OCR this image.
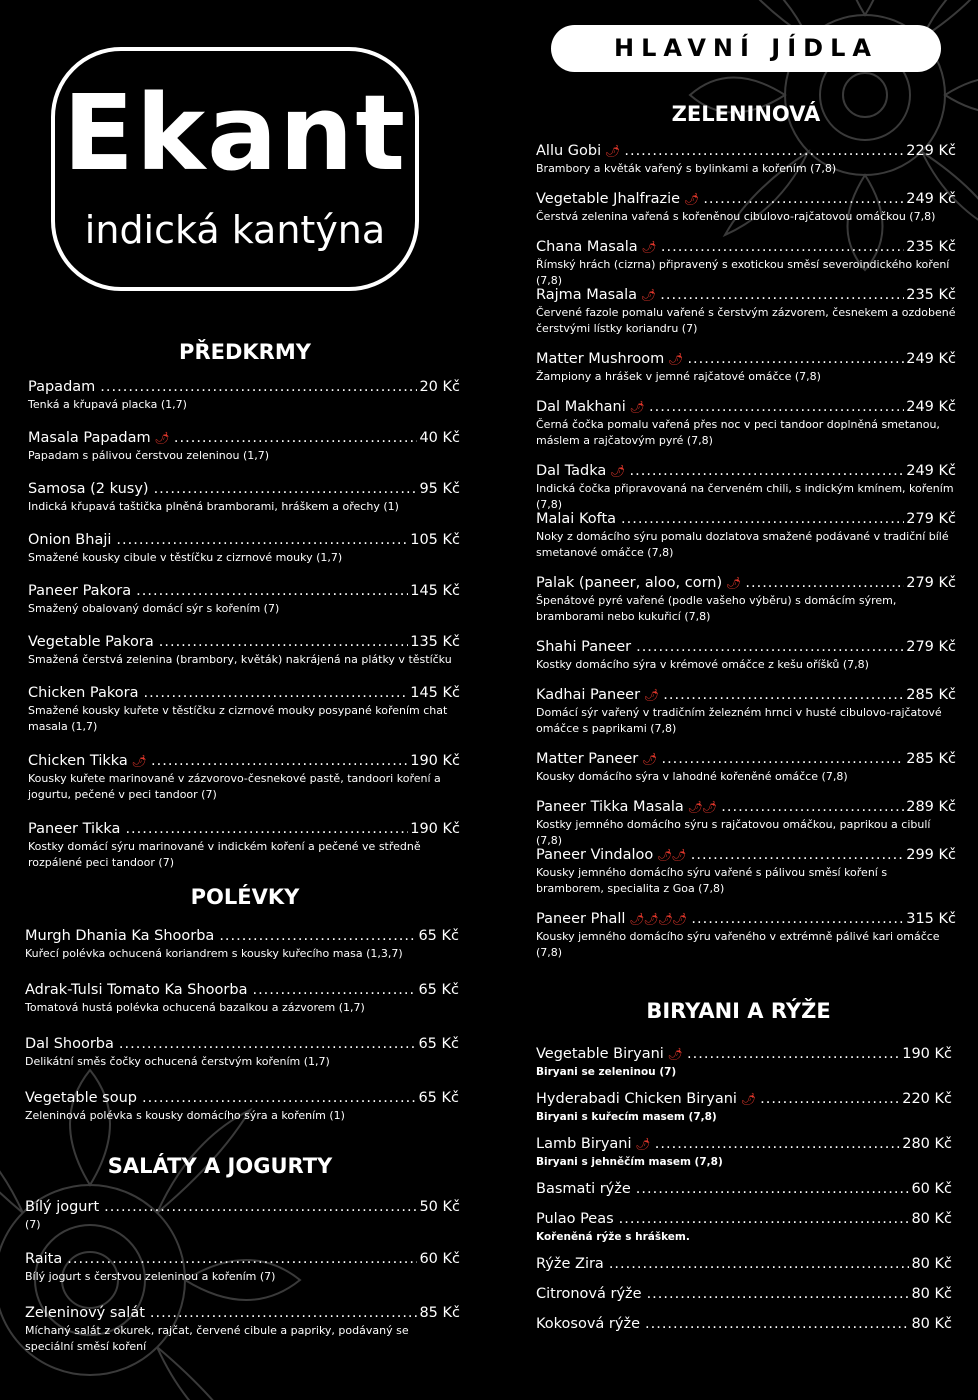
Ekant
indická kantýna
HLAVNÍ JÍDLA
PŘEDKRMY
Papadam .....	20 Kč
Tenká a křupavá placka (1,7)
Masala Papadam 🌶 .....	40 Kč
Papadam s pálivou čerstvou zeleninou (1,7)
Samosa (2 kusy) .....	95 Kč
Indická křupavá taštička plněná bramborami, hráškem a ořechy (1)
Onion Bhaji .....	105 Kč
Smažené kousky cibule v těstíčku z cizrnové mouky (1,7)
Paneer Pakora .....	145 Kč
Smažený obalovaný domácí sýr s kořením (7)
Vegetable Pakora .....	135 Kč
Smažená čerstvá zelenina (brambory, květák) nakrájená na plátky v těstíčku
Chicken Pakora .....	145 Kč
Smažené kousky kuřete v těstíčku z cizrnové mouky posypané kořením chat masala (1,7)
Chicken Tikka 🌶 .....	190 Kč
Kousky kuřete marinované v zázvorovo-česnekové pastě, tandoori koření a jogurtu, pečené v peci tandoor (7)
Paneer Tikka .....	190 Kč
Kostky domácí sýru marinované v indickém koření a pečené ve středně rozpálené peci tandoor (7)
POLÉVKY
Murgh Dhania Ka Shoorba .....	65 Kč
Kuřecí polévka ochucená koriandrem s kousky kuřecího masa (1,3,7)
Adrak-Tulsi Tomato Ka Shoorba .....	65 Kč
Tomatová hustá polévka ochucená bazalkou a zázvorem (1,7)
Dal Shoorba .....	65 Kč
Delikátní směs čočky ochucená čerstvým kořením (1,7)
Vegetable soup .....	65 Kč
Zeleninová polévka s kousky domácího sýra a kořením (1)
SALÁTY A JOGURTY
Bílý jogurt .....	50 Kč
(7)
Raita .....	60 Kč
Bílý jogurt s čerstvou zeleninou a kořením (7)
Zeleninový salát .....	85 Kč
Míchaný salát z okurek, rajčat, červené cibule a papriky, podávaný se speciální směsí koření
ZELENINOVÁ
Allu Gobi 🌶 .....	229 Kč
Brambory a květák vařený s bylinkami a kořením (7,8)
Vegetable Jhalfrazie 🌶 .....	249 Kč
Čerstvá zelenina vařená s kořeněnou cibulovo-rajčatovou omáčkou (7,8)
Chana Masala 🌶 .....	235 Kč
Římský hrách (cizrna) připravený s exotickou směsí severoindického koření (7,8)
Rajma Masala 🌶 .....	235 Kč
Červené fazole pomalu vařené s čerstvým zázvorem, česnekem a ozdobené čerstvými lístky koriandru (7)
Matter Mushroom 🌶 .....	249 Kč
Žampiony a hrášek v jemné rajčatové omáčce (7,8)
Dal Makhani 🌶 .....	249 Kč
Černá čočka pomalu vařená přes noc v peci tandoor doplněná smetanou, máslem a rajčatovým pyré (7,8)
Dal Tadka 🌶 .....	249 Kč
Indická čočka připravovaná na červeném chili, s indickým kmínem, kořením (7,8)
Malai Kofta .....	279 Kč
Noky z domácího sýru pomalu dozlatova smažené podávané v tradiční bílé smetanové omáčce (7,8)
Palak (paneer, aloo, corn) 🌶 .....	279 Kč
Špenátové pyré vařené (podle vašeho výběru) s domácím sýrem, bramborami nebo kukuřicí (7,8)
Shahi Paneer .....	279 Kč
Kostky domácího sýra v krémové omáčce z kešu oříšků (7,8)
Kadhai Paneer 🌶 .....	285 Kč
Domácí sýr vařený v tradičním železném hrnci v husté cibulovo-rajčatové omáčce s paprikami (7,8)
Matter Paneer 🌶 .....	285 Kč
Kousky domácího sýra v lahodné kořeněné omáčce (7,8)
Paneer Tikka Masala 🌶🌶 .....	289 Kč
Kostky jemného domácího sýru s rajčatovou omáčkou, paprikou a cibulí (7,8)
Paneer Vindaloo 🌶🌶 .....	299 Kč
Kousky jemného domácího sýru vařené s pálivou směsí koření s bramborem, specialita z Goa (7,8)
Paneer Phall 🌶🌶🌶🌶 .....	315 Kč
Kousky jemného domácího sýru vařeného v extrémně pálivé kari omáčce (7,8)
BIRYANI A RÝŽE
Vegetable Biryani 🌶 .....	190 Kč
Biryani se zeleninou (7)
Hyderabadi Chicken Biryani 🌶 .....	220 Kč
Biryani s kuřecím masem (7,8)
Lamb Biryani 🌶 .....	280 Kč
Biryani s jehněčím masem (7,8)
Basmati rýže .....	60 Kč
Pulao Peas .....	80 Kč
Kořeněná rýže s hráškem.
Rýže Zira .....	80 Kč
Citronová rýže .....	80 Kč
Kokosová rýže .....	80 Kč
